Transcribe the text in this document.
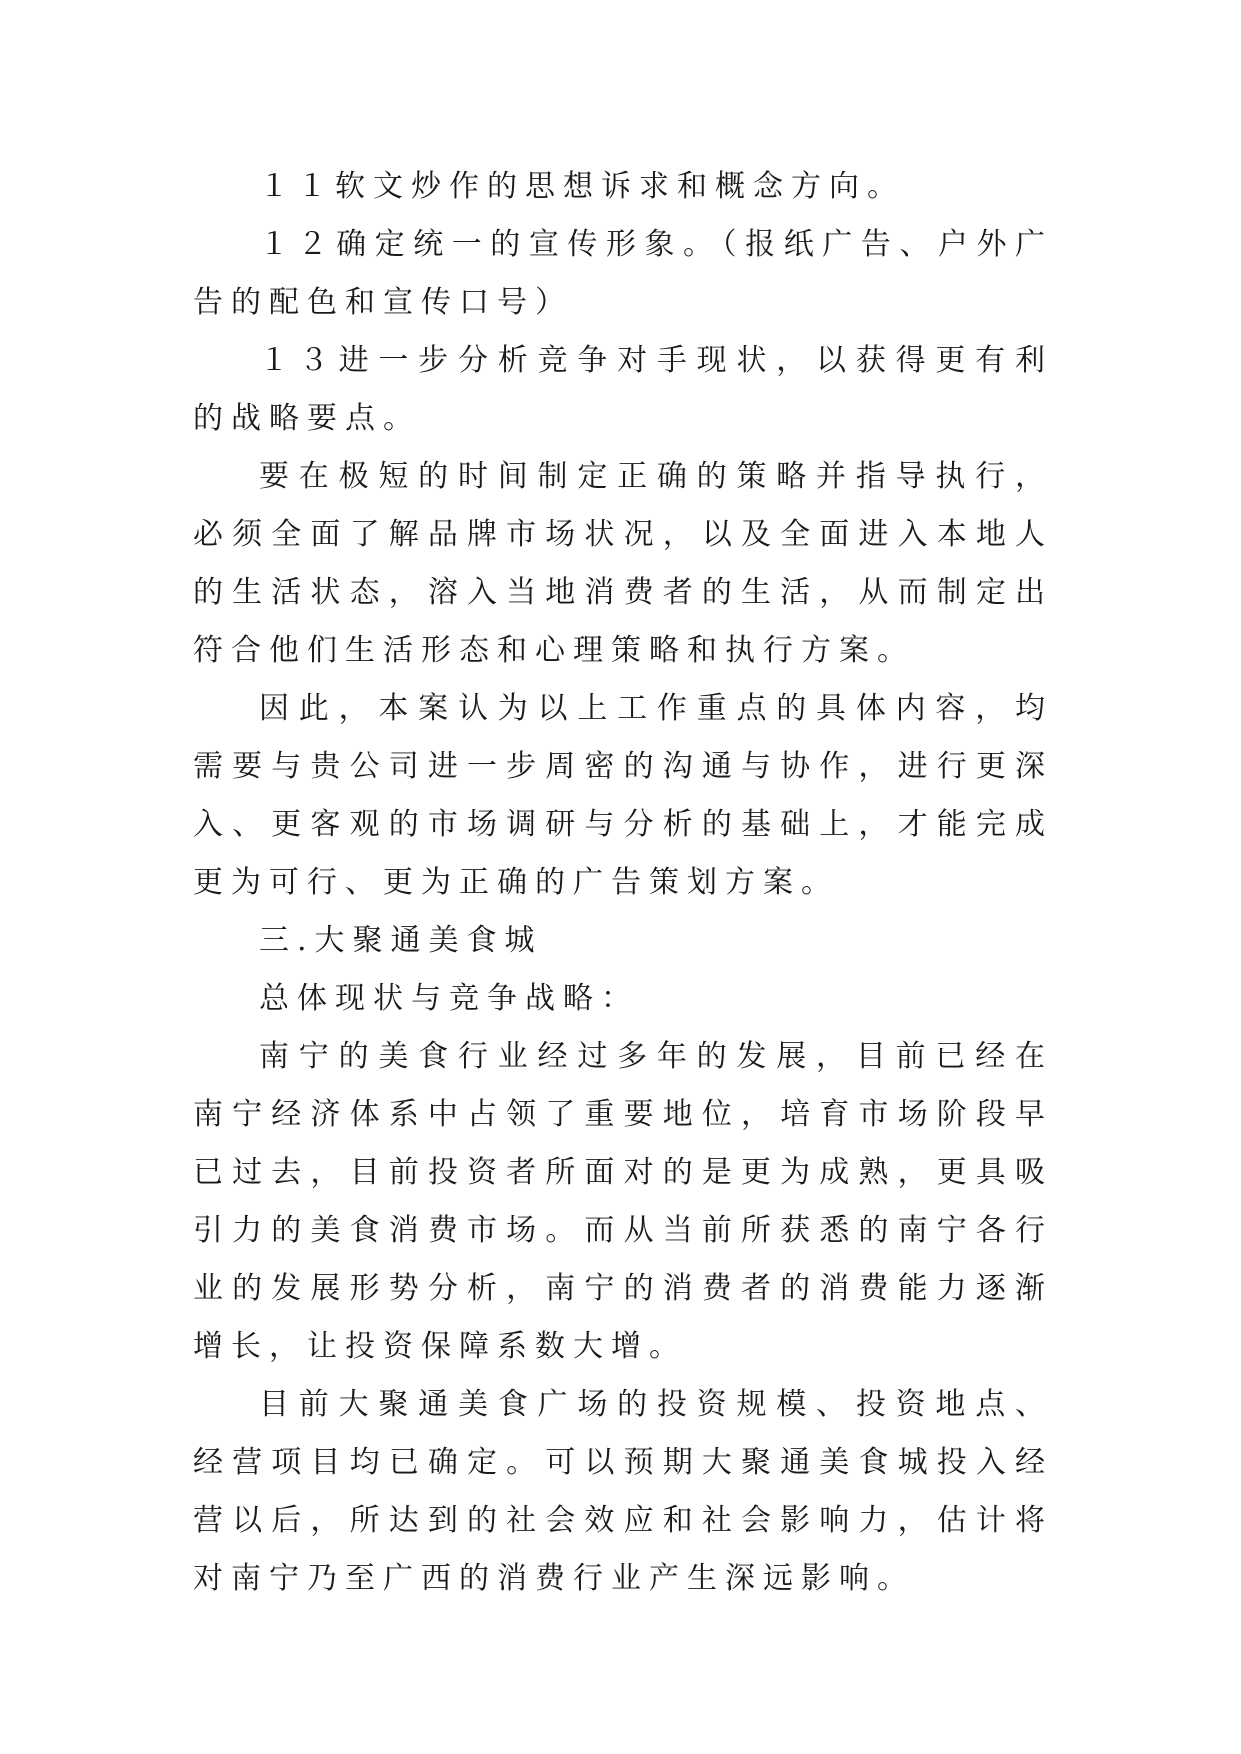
１１软文炒作的思想诉求和概念方向。

１２确定统一的宣传形象。（报纸广告、户外广告的配色和宣传口号）

１３进一步分析竞争对手现状，以获得更有利的战略要点。

要在极短的时间制定正确的策略并指导执行，必须全面了解品牌市场状况，以及全面进入本地人的生活状态，溶入当地消费者的生活，从而制定出符合他们生活形态和心理策略和执行方案。

因此，本案认为以上工作重点的具体内容，均需要与贵公司进一步周密的沟通与协作，进行更深入、更客观的市场调研与分析的基础上，才能完成更为可行、更为正确的广告策划方案。

三.大聚通美食城

总体现状与竞争战略：

南宁的美食行业经过多年的发展，目前已经在南宁经济体系中占领了重要地位，培育市场阶段早已过去，目前投资者所面对的是更为成熟，更具吸引力的美食消费市场。而从当前所获悉的南宁各行业的发展形势分析，南宁的消费者的消费能力逐渐增长，让投资保障系数大增。

目前大聚通美食广场的投资规模、投资地点、经营项目均已确定。可以预期大聚通美食城投入经营以后，所达到的社会效应和社会影响力，估计将对南宁乃至广西的消费行业产生深远影响。
